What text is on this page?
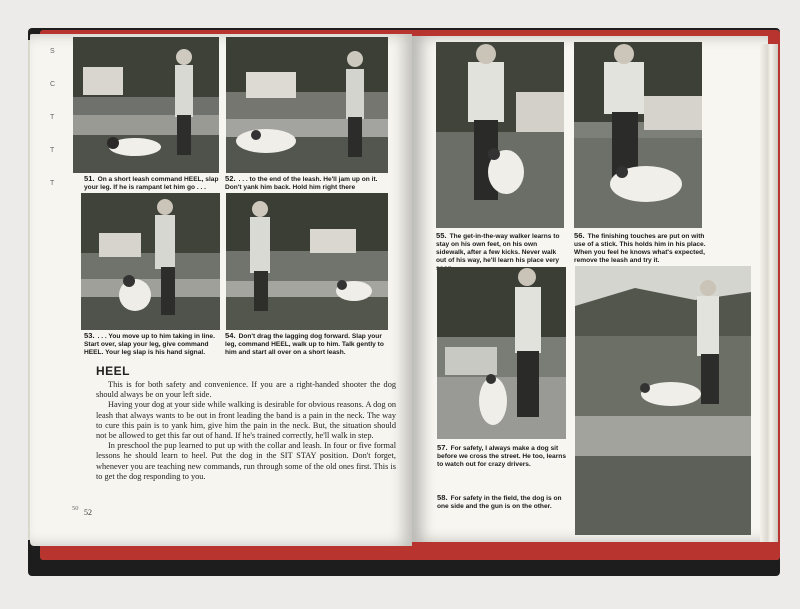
S
C
T
T
T
51. On a short leash command HEEL, slap your leg. If he is rampant let him go . . .
52. . . . to the end of the leash. He'll jam up on it. Don't yank him back. Hold him right there
53. . . . You move up to him taking in line. Start over, slap your leg, give command HEEL. Your leg slap is his hand signal.
54. Don't drag the lagging dog forward. Slap your leg, command HEEL, walk up to him. Talk gently to him and start all over on a short leash.
HEEL

This is for both safety and convenience. If you are a right-handed shooter the dog should always be on your left side.

Having your dog at your side while walking is desirable for obvious reasons. A dog on leash that always wants to be out in front leading the band is a pain in the neck. The way to cure this pain is to yank him, give him the pain in the neck. But, the situation should not be allowed to get this far out of hand. If he's trained correctly, he'll walk in step.

In preschool the pup learned to put up with the collar and leash. In four or five formal lessons he should learn to heel. Put the dog in the SIT STAY position. Don't forget, whenever you are teaching new commands, run through some of the old ones first. This is to get the dog responding to you.

50 52
55. The get-in-the-way walker learns to stay on his own feet, on his own sidewalk, after a few kicks. Never walk out of his way, he'll learn his place very
56. The finishing touches are put on with use of a stick. This holds him in his place. When you feel he knows what's expected, remove the leash and try it.
57. For safety, I always make a dog sit before we cross the street. He too, learns to watch out for crazy drivers.
58. For safety in the field, the dog is on one side and the gun is on the other.
